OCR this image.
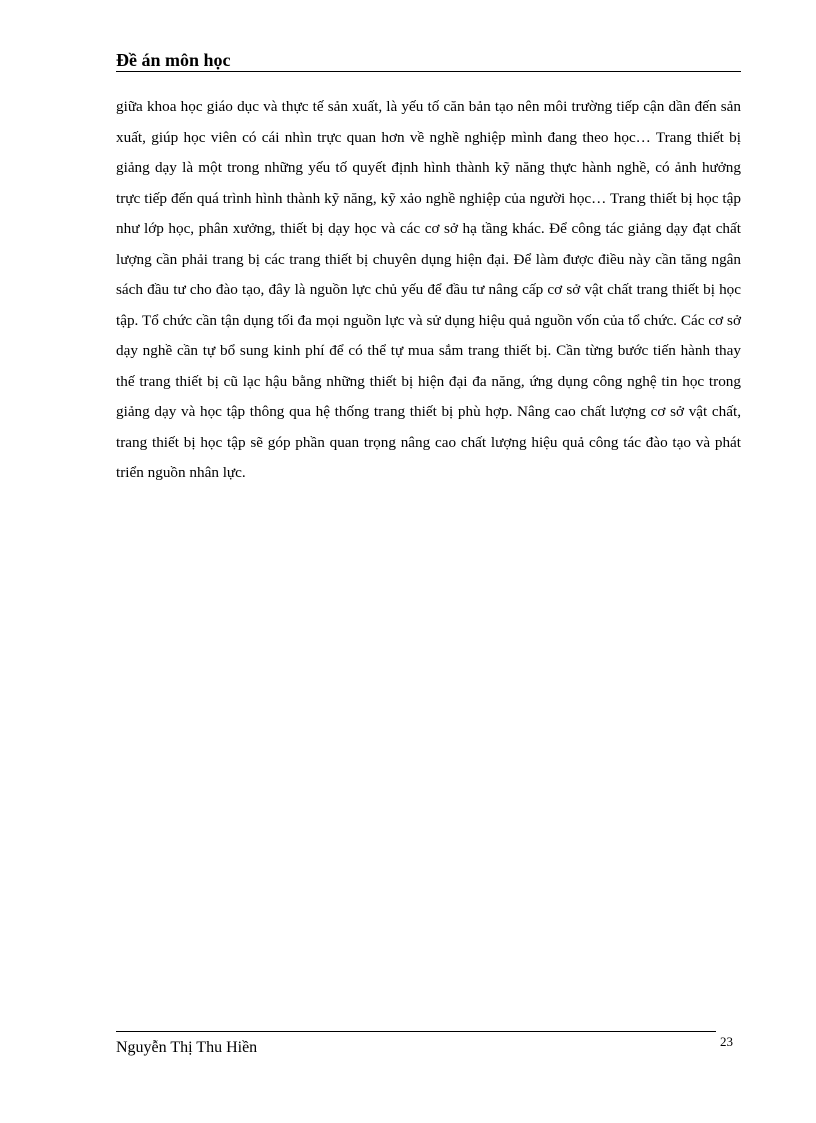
Đề án môn học
giữa khoa học giáo dục và thực tế sản xuất, là yếu tố căn bản tạo nên môi trường tiếp cận dần đến sản xuất, giúp học viên có cái nhìn trực quan hơn về nghề nghiệp mình đang theo học… Trang thiết bị giảng dạy là một trong những yếu tố quyết định hình thành kỹ năng thực hành nghề, có ảnh hưởng trực tiếp đến quá trình hình thành kỹ năng, kỹ xảo nghề nghiệp của người học… Trang thiết bị học tập như lớp học, phân xưởng, thiết bị dạy học và các cơ sở hạ tầng khác. Để công tác giảng dạy đạt chất lượng cần phải trang bị các trang thiết bị chuyên dụng hiện đại. Để làm được điều này cần tăng ngân sách đầu tư cho đào tạo, đây là nguồn lực chủ yếu để đầu tư nâng cấp cơ sở vật chất trang thiết bị học tập. Tổ chức cần tận dụng tối đa mọi nguồn lực và sử dụng hiệu quả nguồn vốn của tổ chức. Các cơ sở dạy nghề cần tự bổ sung kinh phí để có thể tự mua sắm trang thiết bị. Cần từng bước tiến hành thay thế trang thiết bị cũ lạc hậu bằng những thiết bị hiện đại đa năng, ứng dụng công nghệ tin học trong giảng dạy và học tập thông qua hệ thống trang thiết bị phù hợp. Nâng cao chất lượng cơ sở vật chất, trang thiết bị học tập sẽ góp phần quan trọng nâng cao chất lượng hiệu quả công tác đào tạo và phát triển nguồn nhân lực.
Nguyễn Thị Thu Hiền	23
